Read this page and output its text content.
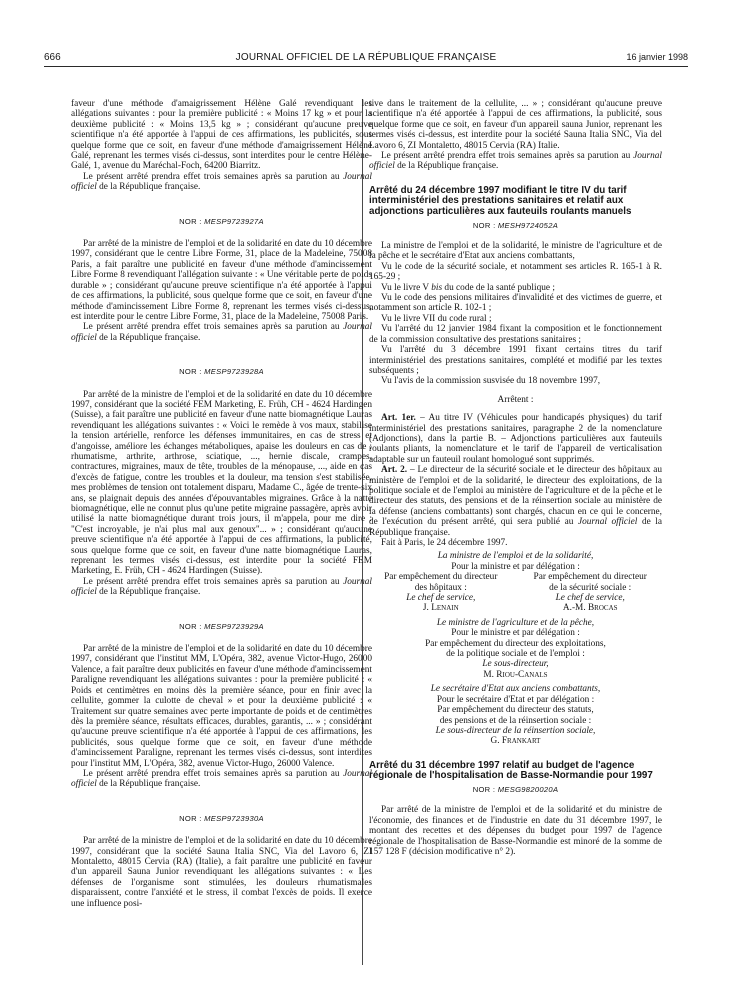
666	JOURNAL OFFICIEL DE LA RÉPUBLIQUE FRANÇAISE	16 janvier 1998

faveur d'une méthode d'amaigrissement Hélène Galé revendiquant les allégations suivantes : pour la première publicité : « Moins 17 kg » et pour la deuxième publicité : « Moins 13,5 kg » ; considérant qu'aucune preuve scientifique n'a été apportée à l'appui de ces affirmations, les publicités, sous quelque forme que ce soit, en faveur d'une méthode d'amaigrissement Hélène Galé, reprenant les termes visés ci-dessus, sont interdites pour le centre Hélène-Galé, 1, avenue du Maréchal-Foch, 64200 Biarritz.

Le présent arrêté prendra effet trois semaines après sa parution au Journal officiel de la République française.

NOR : MESP9723927A

Par arrêté de la ministre de l'emploi et de la solidarité en date du 10 décembre 1997, considérant que le centre Libre Forme, 31, place de la Madeleine, 75008 Paris, a fait paraître une publicité en faveur d'une méthode d'amincissement Libre Forme 8 revendiquant l'allégation suivante : « Une véritable perte de poids durable » ; considérant qu'aucune preuve scientifique n'a été apportée à l'appui de ces affirmations, la publicité, sous quelque forme que ce soit, en faveur d'une méthode d'amincissement Libre Forme 8, reprenant les termes visés ci-dessus, est interdite pour le centre Libre Forme, 31, place de la Madeleine, 75008 Paris.

Le présent arrêté prendra effet trois semaines après sa parution au Journal officiel de la République française.

NOR : MESP9723928A

Par arrêté de la ministre de l'emploi et de la solidarité en date du 10 décembre 1997, considérant que la société FEM Marketing, E. Früh, CH - 4624 Hardingen (Suisse), a fait paraître une publicité en faveur d'une natte biomagnétique Lauras revendiquant les allégations suivantes : « Voici le remède à vos maux, stabilise la tension artérielle, renforce les défenses immunitaires, en cas de stress et d'angoisse, améliore les échanges métaboliques, apaise les douleurs en cas de : rhumatisme, arthrite, arthrose, sciatique, ..., hernie discale, crampes, contractures, migraines, maux de tête, troubles de la ménopause, ..., aide en cas d'excès de fatigue, contre les troubles et la douleur, ma tension s'est stabilisée, mes problèmes de tension ont totalement disparu, Madame C., âgée de trente-six ans, se plaignait depuis des années d'épouvantables migraines. Grâce à la natte biomagnétique, elle ne connut plus qu'une petite migraine passagère, après avoir utilisé la natte biomagnétique durant trois jours, il m'appela, pour me dire : "C'est incroyable, je n'ai plus mal aux genoux"... » ; considérant qu'aucune preuve scientifique n'a été apportée à l'appui de ces affirmations, la publicité, sous quelque forme que ce soit, en faveur d'une natte biomagnétique Lauras, reprenant les termes visés ci-dessus, est interdite pour la société FEM Marketing, E. Früh, CH - 4624 Hardingen (Suisse).

Le présent arrêté prendra effet trois semaines après sa parution au Journal officiel de la République française.

NOR : MESP9723929A

Par arrêté de la ministre de l'emploi et de la solidarité en date du 10 décembre 1997, considérant que l'institut MM, L'Opéra, 382, avenue Victor-Hugo, 26000 Valence, a fait paraître deux publicités en faveur d'une méthode d'amincissement Paraligne revendiquant les allégations suivantes : pour la première publicité : « Poids et centimètres en moins dès la première séance, pour en finir avec la cellulite, gommer la culotte de cheval » et pour la deuxième publicité : « Traitement sur quatre semaines avec perte importante de poids et de centimètres dès la première séance, résultats efficaces, durables, garantis, ... » ; considérant qu'aucune preuve scientifique n'a été apportée à l'appui de ces affirmations, les publicités, sous quelque forme que ce soit, en faveur d'une méthode d'amincissement Paraligne, reprenant les termes visés ci-dessus, sont interdites pour l'institut MM, L'Opéra, 382, avenue Victor-Hugo, 26000 Valence.

Le présent arrêté prendra effet trois semaines après sa parution au Journal officiel de la République française.

NOR : MESP9723930A

Par arrêté de la ministre de l'emploi et de la solidarité en date du 10 décembre 1997, considérant que la société Sauna Italia SNC, Via del Lavoro 6, ZI Montaletto, 48015 Cervia (RA) (Italie), a fait paraître une publicité en faveur d'un appareil Sauna Junior revendiquant les allégations suivantes : « Les défenses de l'organisme sont stimulées, les douleurs rhumatismales disparaissent, contre l'anxiété et le stress, il combat l'excès de poids. Il exerce une influence posi-

tive dans le traitement de la cellulite, ... » ; considérant qu'aucune preuve scientifique n'a été apportée à l'appui de ces affirmations, la publicité, sous quelque forme que ce soit, en faveur d'un appareil sauna Junior, reprenant les termes visés ci-dessus, est interdite pour la société Sauna Italia SNC, Via del Lavoro 6, ZI Montaletto, 48015 Cervia (RA) Italie.

Le présent arrêté prendra effet trois semaines après sa parution au Journal officiel de la République française.

Arrêté du 24 décembre 1997 modifiant le titre IV du tarif interministériel des prestations sanitaires et relatif aux adjonctions particulières aux fauteuils roulants manuels

NOR : MESH9724052A

La ministre de l'emploi et de la solidarité, le ministre de l'agriculture et de la pêche et le secrétaire d'Etat aux anciens combattants,

Vu le code de la sécurité sociale, et notamment ses articles R. 165-1 à R. 165-29 ;

Vu le livre V bis du code de la santé publique ;

Vu le code des pensions militaires d'invalidité et des victimes de guerre, et notamment son article R. 102-1 ;

Vu le livre VII du code rural ;

Vu l'arrêté du 12 janvier 1984 fixant la composition et le fonctionnement de la commission consultative des prestations sanitaires ;

Vu l'arrêté du 3 décembre 1991 fixant certains titres du tarif interministériel des prestations sanitaires, complété et modifié par les textes subséquents ;

Vu l'avis de la commission susvisée du 18 novembre 1997,

Arrêtent :

Art. 1er. – Au titre IV (Véhicules pour handicapés physiques) du tarif interministériel des prestations sanitaires, paragraphe 2 de la nomenclature (Adjonctions), dans la partie B. – Adjonctions particulières aux fauteuils roulants pliants, la nomenclature et le tarif de l'appareil de verticalisation adaptable sur un fauteuil roulant homologué sont supprimés.

Art. 2. – Le directeur de la sécurité sociale et le directeur des hôpitaux au ministère de l'emploi et de la solidarité, le directeur des exploitations, de la politique sociale et de l'emploi au ministère de l'agriculture et de la pêche et le directeur des statuts, des pensions et de la réinsertion sociale au ministère de la défense (anciens combattants) sont chargés, chacun en ce qui le concerne, de l'exécution du présent arrêté, qui sera publié au Journal officiel de la République française.

Fait à Paris, le 24 décembre 1997.

La ministre de l'emploi et de la solidarité,

Pour la ministre et par délégation :

Par empêchement du directeur
des hôpitaux :
Le chef de service,
J. Lenain
Par empêchement du directeur
de la sécurité sociale :
Le chef de service,
A.-M. Brocas

Le ministre de l'agriculture et de la pêche,

Pour le ministre et par délégation :

Par empêchement du directeur des exploitations,

de la politique sociale et de l'emploi :

Le sous-directeur,

M. Riou-Canals

Le secrétaire d'Etat aux anciens combattants,

Pour le secrétaire d'Etat et par délégation :

Par empêchement du directeur des statuts,

des pensions et de la réinsertion sociale :

Le sous-directeur de la réinsertion sociale,

G. Frankart

Arrêté du 31 décembre 1997 relatif au budget de l'agence régionale de l'hospitalisation de Basse-Normandie pour 1997

NOR : MESG9820020A

Par arrêté de la ministre de l'emploi et de la solidarité et du ministre de l'économie, des finances et de l'industrie en date du 31 décembre 1997, le montant des recettes et des dépenses du budget pour 1997 de l'agence régionale de l'hospitalisation de Basse-Normandie est minoré de la somme de 157 128 F (décision modificative n° 2).
